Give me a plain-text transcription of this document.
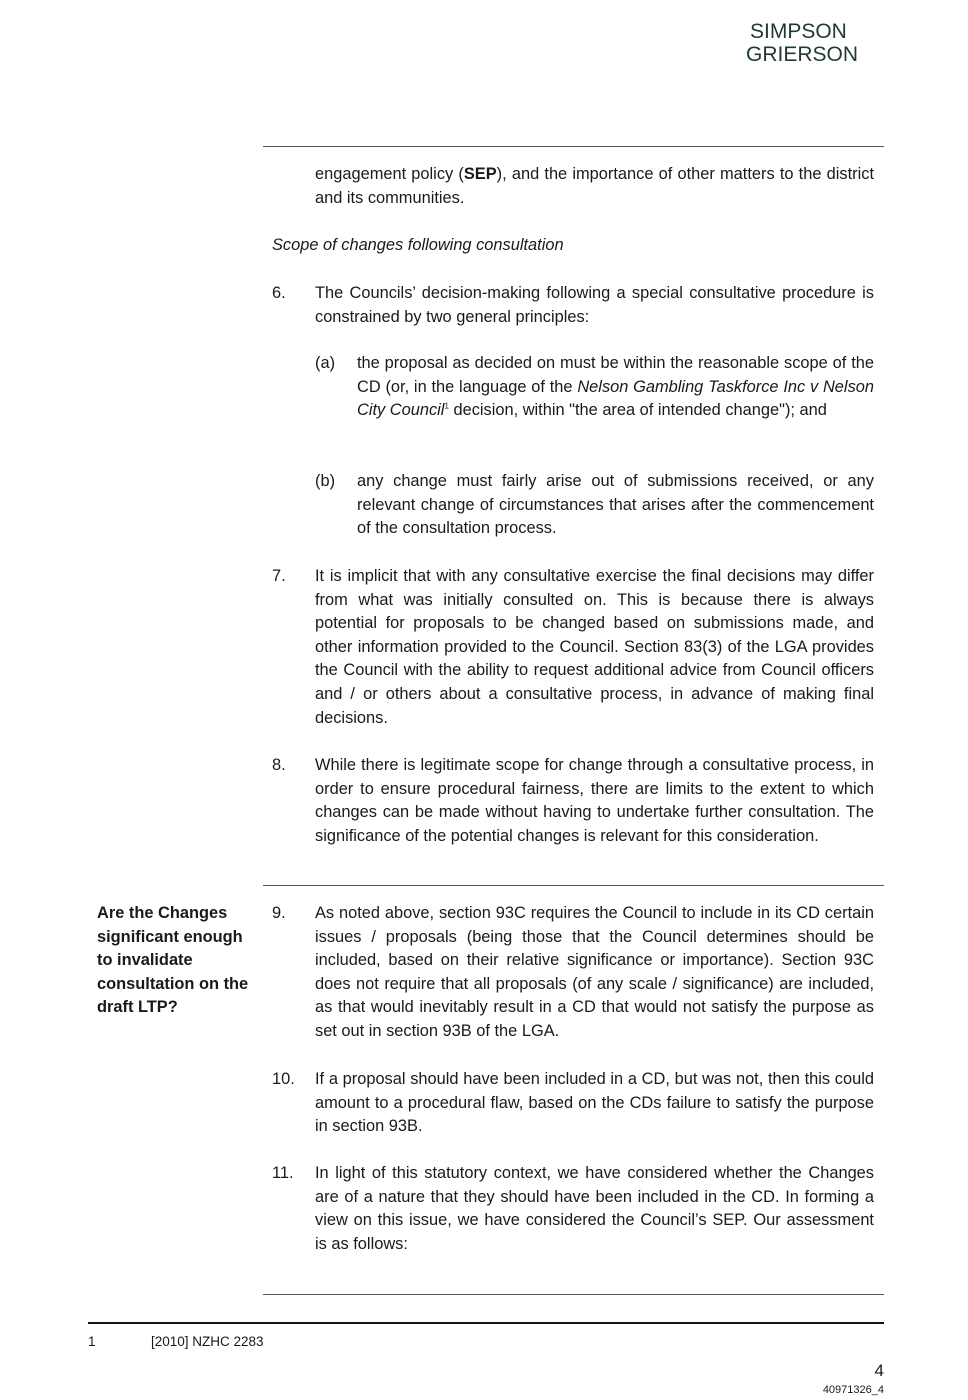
SIMPSON
GRIERSON
engagement policy (SEP), and the importance of other matters to the district and its communities.
Scope of changes following consultation
6. The Councils’ decision-making following a special consultative procedure is constrained by two general principles:
(a) the proposal as decided on must be within the reasonable scope of the CD (or, in the language of the Nelson Gambling Taskforce Inc v Nelson City Council$^1$ decision, within "the area of intended change"); and
(b) any change must fairly arise out of submissions received, or any relevant change of circumstances that arises after the commencement of the consultation process.
7. It is implicit that with any consultative exercise the final decisions may differ from what was initially consulted on. This is because there is always potential for proposals to be changed based on submissions made, and other information provided to the Council. Section 83(3) of the LGA provides the Council with the ability to request additional advice from Council officers and / or others about a consultative process, in advance of making final decisions.
8. While there is legitimate scope for change through a consultative process, in order to ensure procedural fairness, there are limits to the extent to which changes can be made without having to undertake further consultation. The significance of the potential changes is relevant for this consideration.
Are the Changes significant enough to invalidate consultation on the draft LTP?
9. As noted above, section 93C requires the Council to include in its CD certain issues / proposals (being those that the Council determines should be included, based on their relative significance or importance). Section 93C does not require that all proposals (of any scale / significance) are included, as that would inevitably result in a CD that would not satisfy the purpose as set out in section 93B of the LGA.
10. If a proposal should have been included in a CD, but was not, then this could amount to a procedural flaw, based on the CDs failure to satisfy the purpose in section 93B.
11. In light of this statutory context, we have considered whether the Changes are of a nature that they should have been included in the CD. In forming a view on this issue, we have considered the Council’s SEP. Our assessment is as follows:
1	[2010] NZHC 2283
4
40971326_4
